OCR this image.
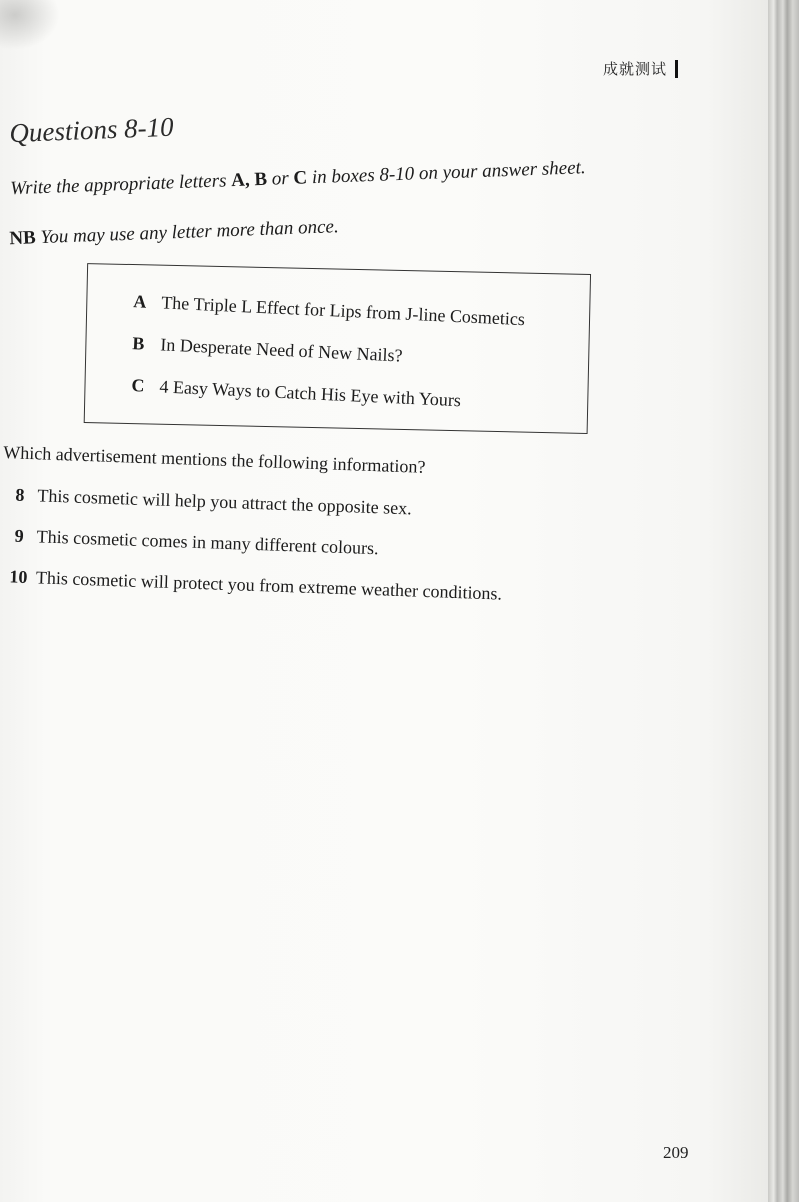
成就测试
Questions 8-10
Write the appropriate letters A, B or C in boxes 8-10 on your answer sheet.
NB You may use any letter more than once.
A The Triple L Effect for Lips from J-line Cosmetics
B In Desperate Need of New Nails?
C 4 Easy Ways to Catch His Eye with Yours
Which advertisement mentions the following information?
8 This cosmetic will help you attract the opposite sex.
9 This cosmetic comes in many different colours.
10 This cosmetic will protect you from extreme weather conditions.
209
